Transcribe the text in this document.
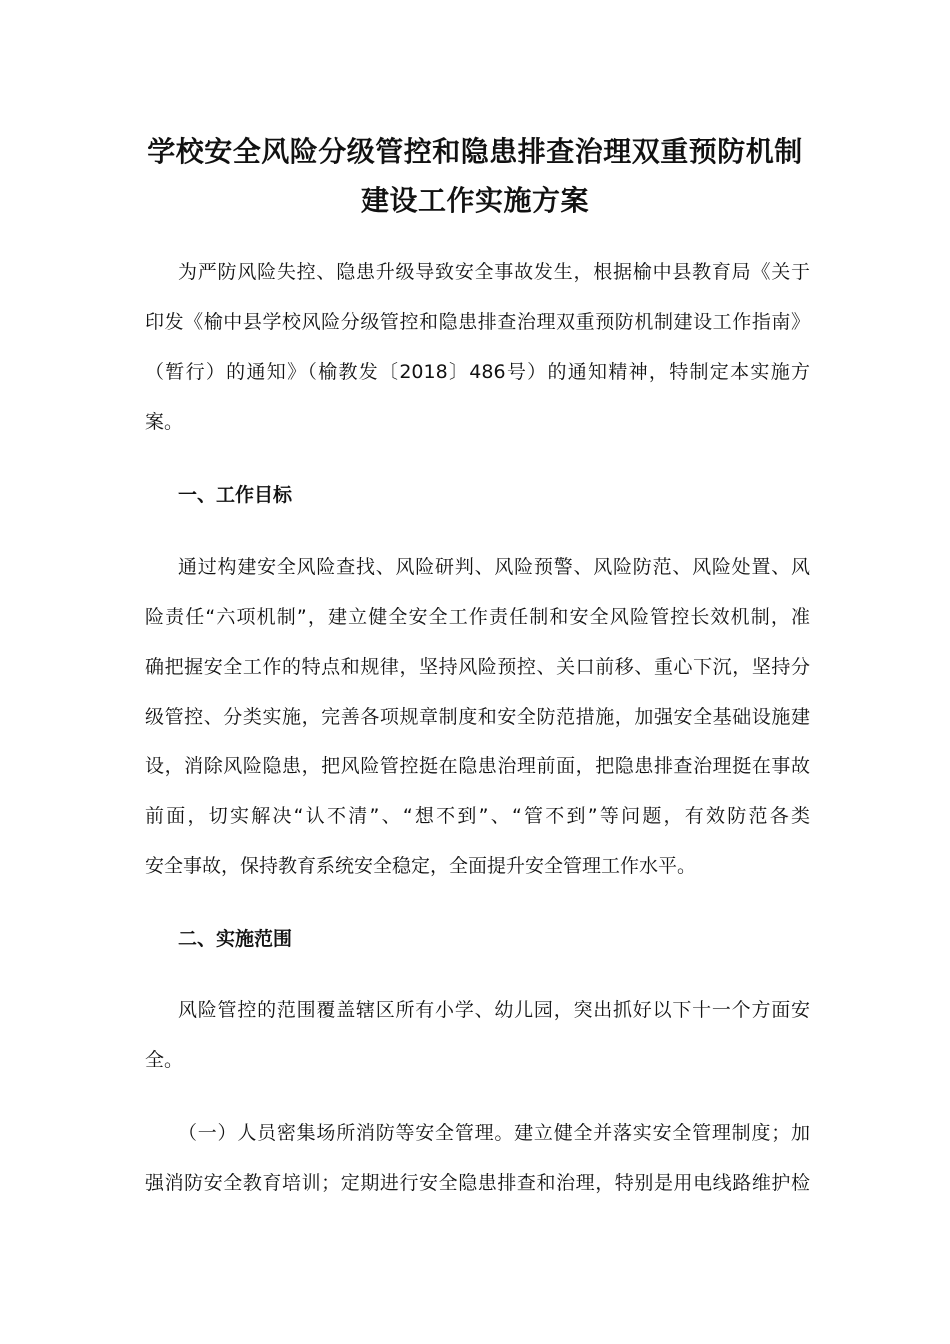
学校安全风险分级管控和隐患排查治理双重预防机制
建设工作实施方案

为严防风险失控、隐患升级导致安全事故发生，根据榆中县教育局《关于

印发《榆中县学校风险分级管控和隐患排查治理双重预防机制建设工作指南》

（暂行）的通知》（榆教发〔2018〕486号）的通知精神，特制定本实施方

案。

一、工作目标

通过构建安全风险查找、风险研判、风险预警、风险防范、风险处置、风

险责任“六项机制”，建立健全安全工作责任制和安全风险管控长效机制，准

确把握安全工作的特点和规律，坚持风险预控、关口前移、重心下沉，坚持分

级管控、分类实施，完善各项规章制度和安全防范措施，加强安全基础设施建

设，消除风险隐患，把风险管控挺在隐患治理前面，把隐患排查治理挺在事故

前面，切实解决“认不清”、“想不到”、“管不到”等问题，有效防范各类

安全事故，保持教育系统安全稳定，全面提升安全管理工作水平。

二、实施范围

风险管控的范围覆盖辖区所有小学、幼儿园，突出抓好以下十一个方面安

全。

（一）人员密集场所消防等安全管理。建立健全并落实安全管理制度；加

强消防安全教育培训；定期进行安全隐患排查和治理，特别是用电线路维护检
